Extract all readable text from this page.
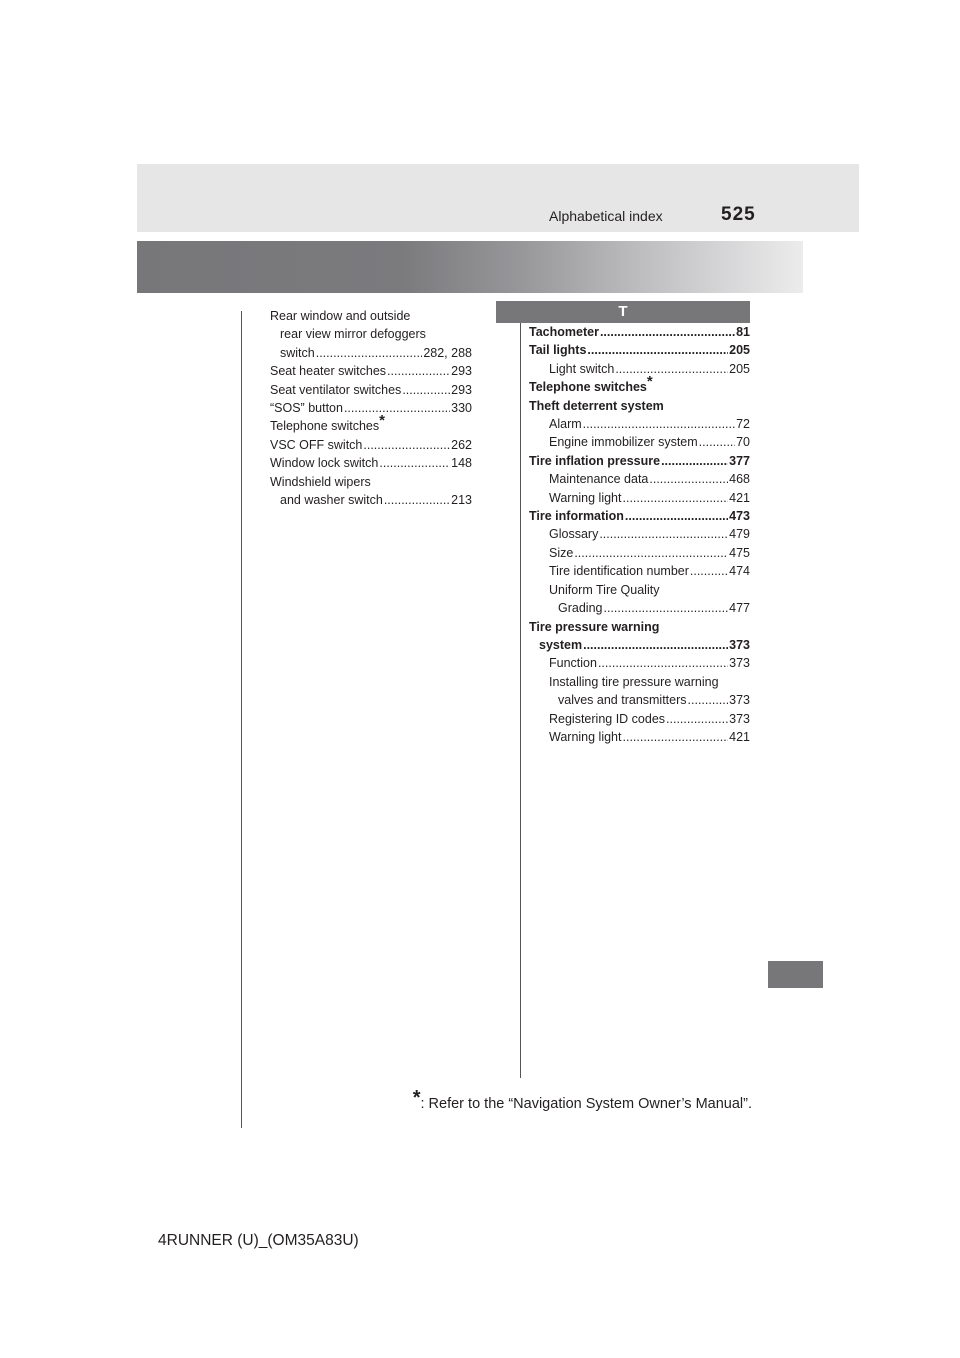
Alphabetical index	525
Rear window and outside
rear view mirror defoggers
switch .....	282, 288
Seat heater switches .....	293
Seat ventilator switches .....	293
“SOS” button .....	330
Telephone switches*
VSC OFF switch .....	262
Window lock switch .....	148
Windshield wipers
and washer switch .....	213
T
Tachometer .....	81
Tail lights .....	205
Light switch .....	205
Telephone switches*
Theft deterrent system
Alarm .....	72
Engine immobilizer system .....	70
Tire inflation pressure .....	377
Maintenance data .....	468
Warning light .....	421
Tire information .....	473
Glossary .....	479
Size .....	475
Tire identification number .....	474
Uniform Tire Quality
Grading .....	477
Tire pressure warning
system .....	373
Function .....	373
Installing tire pressure warning
valves and transmitters .....	373
Registering ID codes .....	373
Warning light .....	421
*: Refer to the “Navigation System Owner’s Manual”.
4RUNNER (U)_(OM35A83U)
